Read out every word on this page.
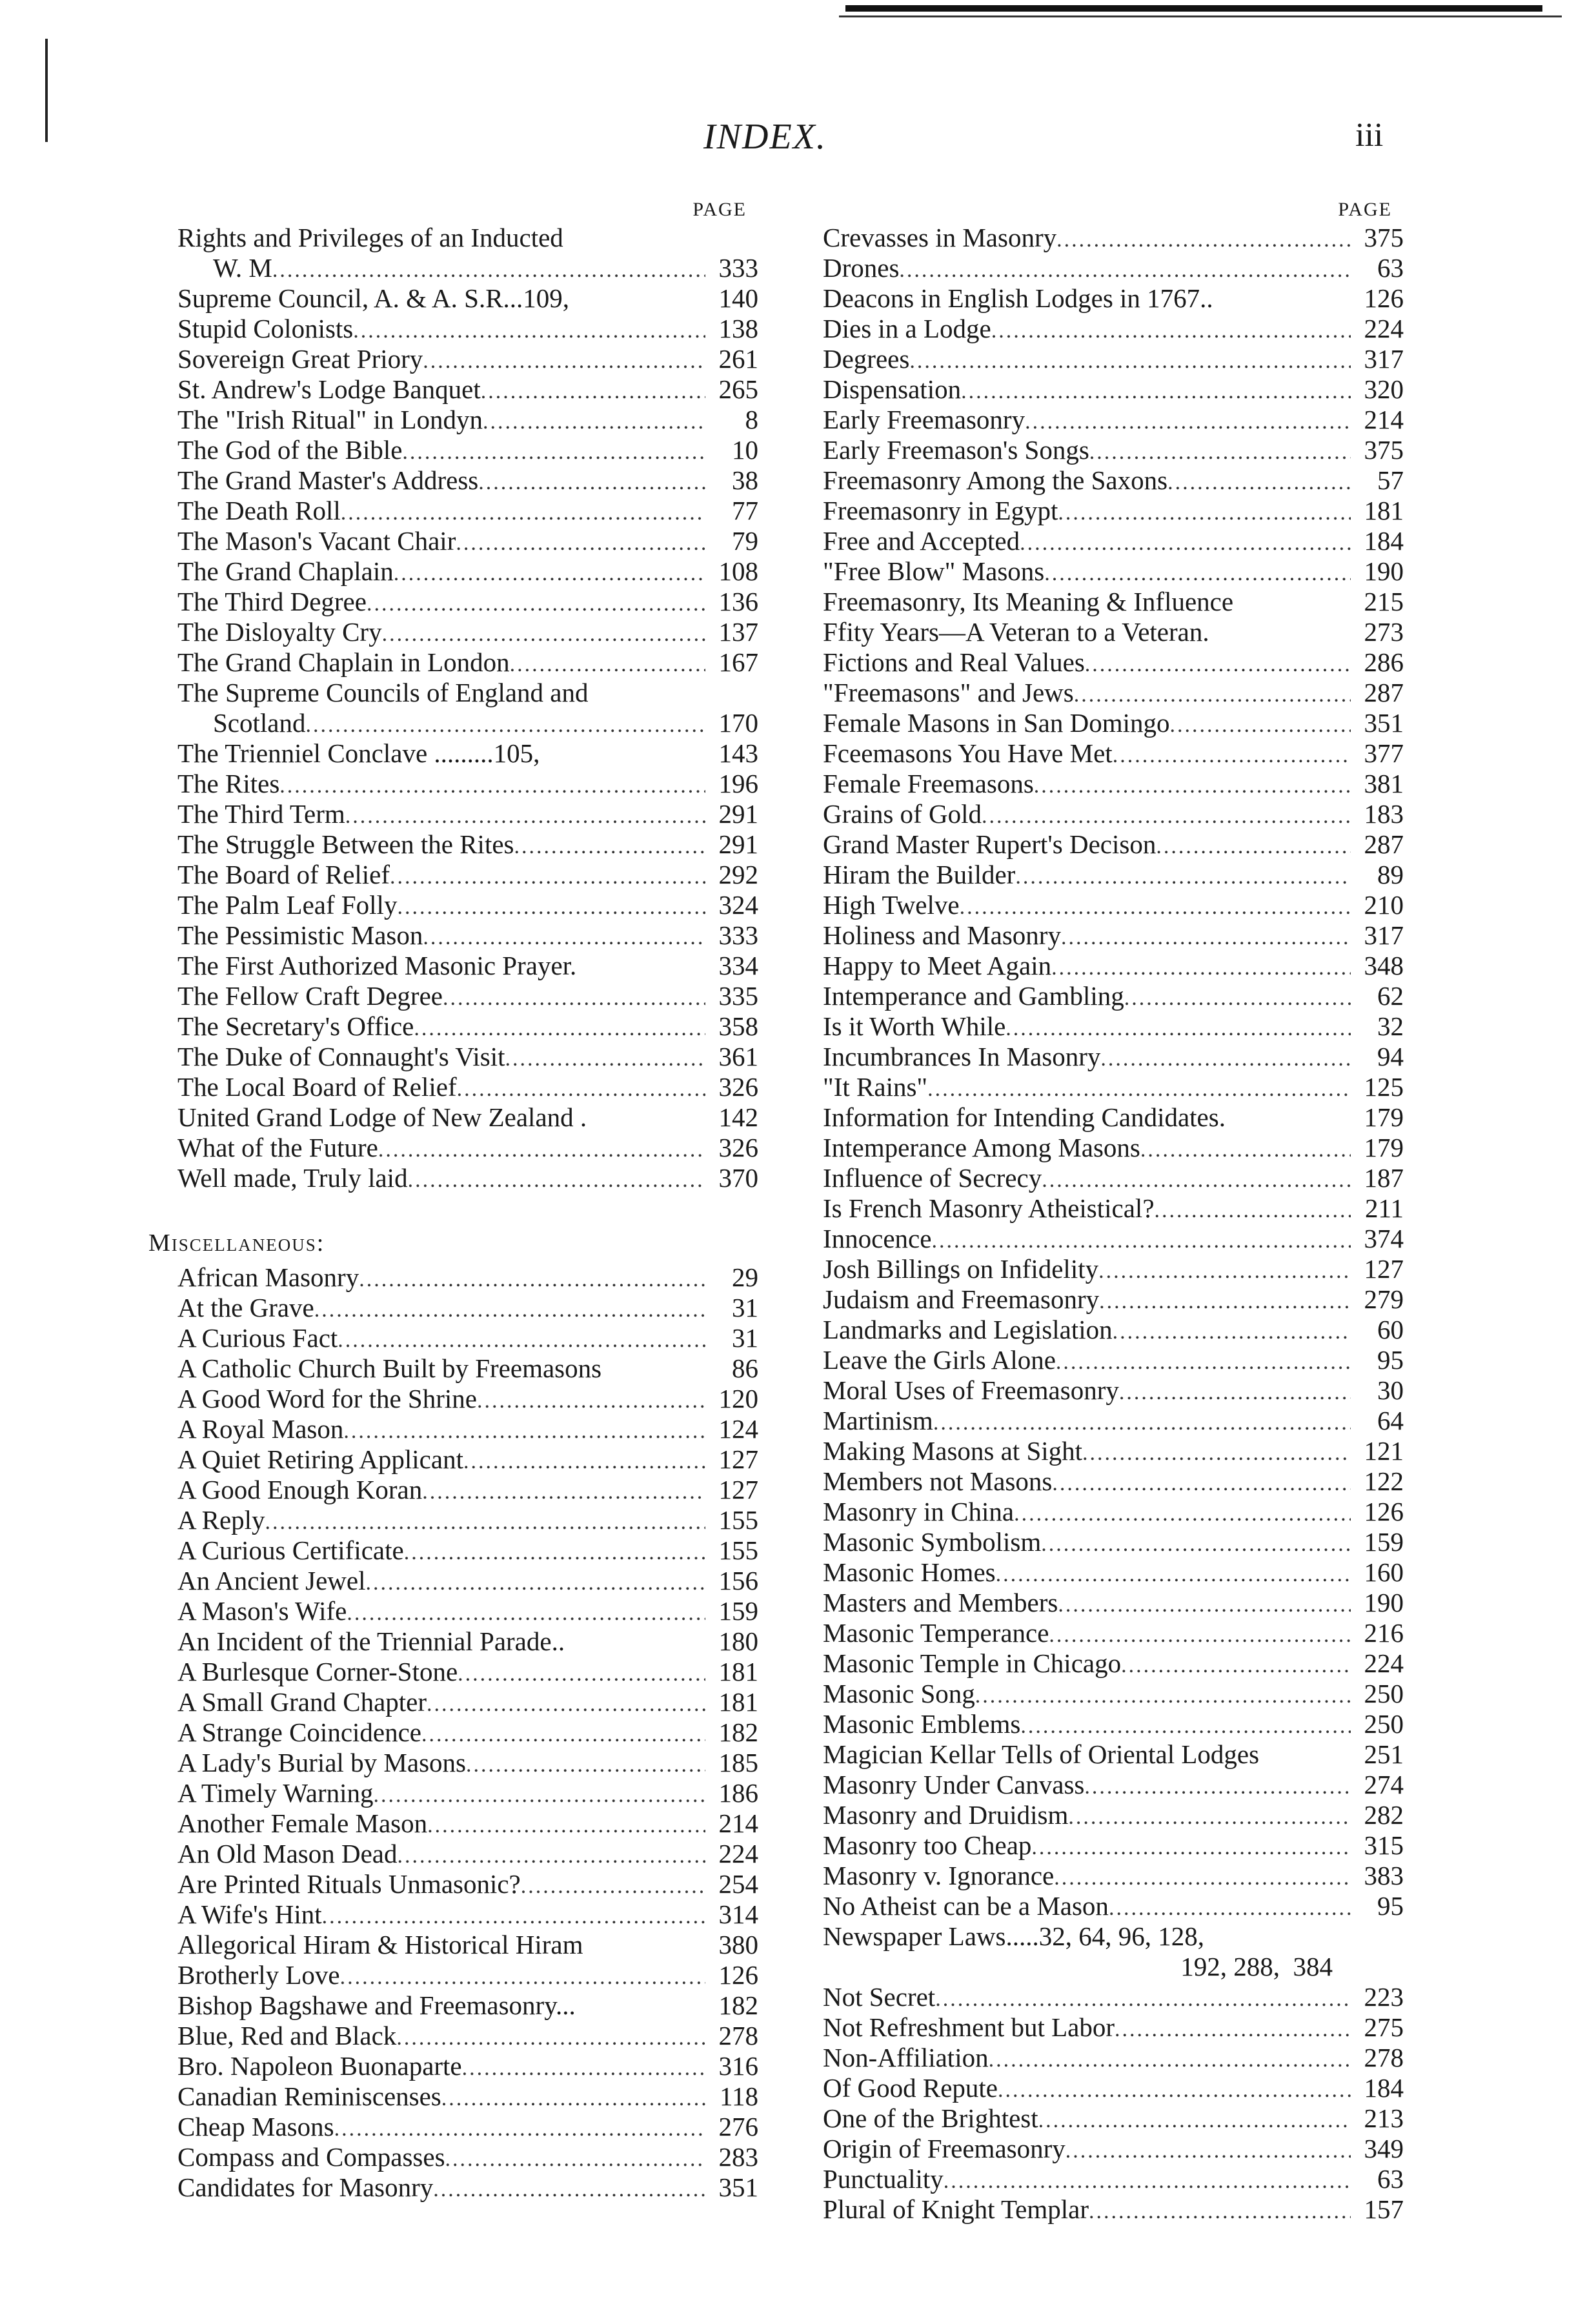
INDEX.	iii
PAGE
Rights and Privileges of an Inducted
W. M .....	333
Supreme Council, A. & A. S.R...109,	140
Stupid Colonists .....	138
Sovereign Great Priory .....	261
St. Andrew's Lodge Banquet .....	265
The "Irish Ritual" in Londyn .....	8
The God of the Bible .....	10
The Grand Master's Address .....	38
The Death Roll .....	77
The Mason's Vacant Chair .....	79
The Grand Chaplain .....	108
The Third Degree .....	136
The Disloyalty Cry .....	137
The Grand Chaplain in London .....	167
The Supreme Councils of England and
Scotland .....	170
The Trienniel Conclave .........105,	143
The Rites .....	196
The Third Term .....	291
The Struggle Between the Rites .....	291
The Board of Relief .....	292
The Palm Leaf Folly .....	324
The Pessimistic Mason .....	333
The First Authorized Masonic Prayer.	334
The Fellow Craft Degree .....	335
The Secretary's Office .....	358
The Duke of Connaught's Visit .....	361
The Local Board of Relief .....	326
United Grand Lodge of New Zealand .	142
What of the Future .....	326
Well made, Truly laid .....	370
Miscellaneous:
African Masonry .....	29
At the Grave .....	31
A Curious Fact .....	31
A Catholic Church Built by Freemasons	86
A Good Word for the Shrine .....	120
A Royal Mason .....	124
A Quiet Retiring Applicant .....	127
A Good Enough Koran .....	127
A Reply .....	155
A Curious Certificate .....	155
An Ancient Jewel .....	156
A Mason's Wife .....	159
An Incident of the Triennial Parade..	180
A Burlesque Corner-Stone .....	181
A Small Grand Chapter .....	181
A Strange Coincidence .....	182
A Lady's Burial by Masons .....	185
A Timely Warning .....	186
Another Female Mason .....	214
An Old Mason Dead .....	224
Are Printed Rituals Unmasonic? .....	254
A Wife's Hint .....	314
Allegorical Hiram & Historical Hiram	380
Brotherly Love .....	126
Bishop Bagshawe and Freemasonry...	182
Blue, Red and Black .....	278
Bro. Napoleon Buonaparte .....	316
Canadian Reminiscenses .....	118
Cheap Masons .....	276
Compass and Compasses .....	283
Candidates for Masonry .....	351
PAGE
Crevasses in Masonry .....	375
Drones .....	63
Deacons in English Lodges in 1767..	126
Dies in a Lodge .....	224
Degrees .....	317
Dispensation .....	320
Early Freemasonry .....	214
Early Freemason's Songs .....	375
Freemasonry Among the Saxons .....	57
Freemasonry in Egypt .....	181
Free and Accepted .....	184
"Free Blow" Masons .....	190
Freemasonry, Its Meaning & Influence	215
Ffity Years—A Veteran to a Veteran.	273
Fictions and Real Values .....	286
"Freemasons" and Jews .....	287
Female Masons in San Domingo .....	351
Fceemasons You Have Met .....	377
Female Freemasons .....	381
Grains of Gold .....	183
Grand Master Rupert's Decison .....	287
Hiram the Builder .....	89
High Twelve .....	210
Holiness and Masonry .....	317
Happy to Meet Again .....	348
Intemperance and Gambling .....	62
Is it Worth While .....	32
Incumbrances In Masonry .....	94
"It Rains" .....	125
Information for Intending Candidates.	179
Intemperance Among Masons .....	179
Influence of Secrecy .....	187
Is French Masonry Atheistical? .....	211
Innocence .....	374
Josh Billings on Infidelity .....	127
Judaism and Freemasonry .....	279
Landmarks and Legislation .....	60
Leave the Girls Alone .....	95
Moral Uses of Freemasonry .....	30
Martinism .....	64
Making Masons at Sight .....	121
Members not Masons .....	122
Masonry in China .....	126
Masonic Symbolism .....	159
Masonic Homes .....	160
Masters and Members .....	190
Masonic Temperance .....	216
Masonic Temple in Chicago .....	224
Masonic Song .....	250
Masonic Emblems .....	250
Magician Kellar Tells of Oriental Lodges	251
Masonry Under Canvass .....	274
Masonry and Druidism .....	282
Masonry too Cheap .....	315
Masonry v. Ignorance .....	383
No Atheist can be a Mason .....	95
Newspaper Laws.....32, 64, 96, 128,
192, 288, 384
Not Secret .....	223
Not Refreshment but Labor .....	275
Non-Affiliation .....	278
Of Good Repute .....	184
One of the Brightest .....	213
Origin of Freemasonry .....	349
Punctuality .....	63
Plural of Knight Templar .....	157
